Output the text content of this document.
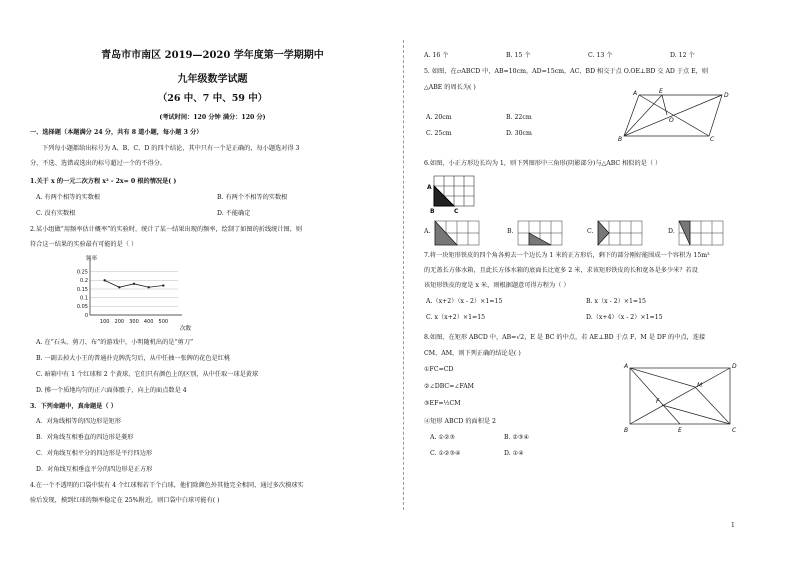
青岛市市南区 2019—2020 学年度第一学期期中
九年级数学试题
（26 中、7 中、59 中）
(考试时间：120 分钟 满分：120 分)
一、选择题（本题满分 24 分，共有 8 道小题，每小题 3 分）
下列每小题都给出标号为 A、B、C、D 的四个结论，其中只有一个是正确的，每小题选对得 3
分，不选、选错或选出的标号超过一个的不得分。
1.关于 x 的一元二次方程 x² - 2x= 0 根的情况是( )
A. 有两个相等的实数根	B. 有两个不相等的实数根
C. 没有实数根	D. 不能确定
2.某小组做“用频率估计概率”的实验时，统计了某一结果出现的频率，绘制了如图的折线统计图，则
符合这一结果的实验最有可能的是（ ）
0.25
0.2
0.15
0.1
0.05
0
100 200 300 400 500
频率
次数
A. 在“石头、剪刀、布”的游戏中，小明随机出的是“剪刀”
B. 一副去掉大小王的普通扑克牌洗匀后，从中任抽一张牌的花色是红桃
C. 暗箱中有 1 个红球和 2 个黄球，它们只有颜色上的区别，从中任取一球是黄球
D. 掷一个质地均匀的正六面体骰子，向上的面点数是 4
3．下列命题中，真命题是（ ）
A．对角线相等的四边形是矩形
B．对角线互相垂直的四边形是菱形
C．对角线互相平分的四边形是平行四边形
D．对角线互相垂直平分的四边形是正方形
4.在一个不透明的口袋中装有 4 个红球和若干个白球，他们除颜色外其他完全相同，通过多次摸球实
验后发现，摸到红球的频率稳定在 25%附近，则口袋中白球可能有( )
A. 16 个	B. 15 个	C. 13 个	D. 12 个
5. 如图，在▱ABCD 中，AB=10cm，AD=15cm，AC、BD 相交于点 O.OE⊥BD 交 AD 于点 E，则
△ABE 的周长为( )
A	E
D
O
B	C
A. 20cm	B. 22cm
C. 25cm	D. 30cm
6.如图，小正方形边长均为 1，则下列图形中三角形(阴影部分)与△ABC 相似的是（ ）
A
B	C
A.	B.	C.	D.
7.将一块矩形铁皮的四个角各剪去一个边长为 1 米的正方形后，剩下的部分刚好能围成一个容积为 15m³
的无盖长方体水箱，且此长方体水箱的底面长比宽多 2 米，求该矩形铁皮的长和宽各是多少米？若设
该矩形铁皮的宽是 x 米，则根据题意可得方程为（ ）
A.（x+2）（x - 2）×1=15	B. x（x - 2）×1=15
C. x（x+2）×1=15	D.（x+4）（x - 2）×1=15
8.如图，在矩形 ABCD 中，AB=√2，E 是 BC 的中点，若 AE⊥BD 于点 F，M 是 DF 的中点，连接
CM、AM，则下列正确的结论是( )
①FC=CD
②∠DBC=∠FAM
③EF=½CM
④矩形 ABCD 的面积是 2
A. ①②③	B. ②③④
C. ①②③④	D. ①④
A	D
M
F
B	E	C
1
